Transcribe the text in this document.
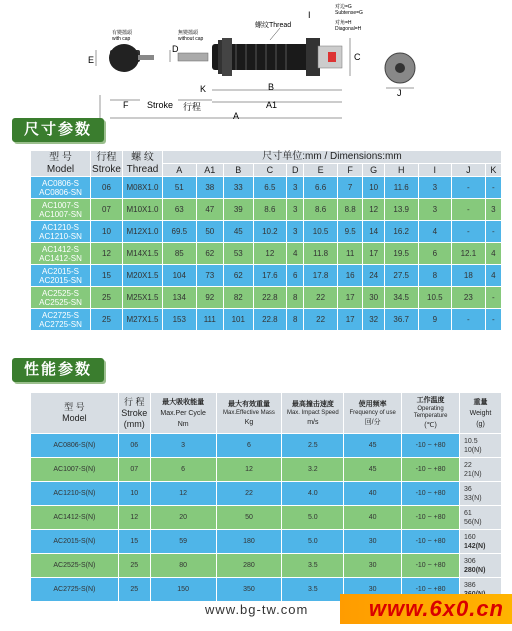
有變擋頭
with cap
無變擋頭
without cap
螺纹Thread
对边=G
Subtense=G
对角=H
Diagonal=H
E
D
I
F Stroke 行程
K	B
A1
A
C
J
尺寸参数
型 号
Model	行程
Stroke	螺 纹
Thread	尺寸单位:mm / Dimensions:mm											
			A	A1	B	C	D	E	F	G	H	I	J	K
AC0806-S
AC0806-SN	06	M08X1.0	51	38	33	6.5	3	6.6	7	10	11.6	3	-	-
AC1007-S
AC1007-SN	07	M10X1.0	63	47	39	8.6	3	8.6	8.8	12	13.9	3	-	3
AC1210-S
AC1210-SN	10	M12X1.0	69.5	50	45	10.2	3	10.5	9.5	14	16.2	4	-	-
AC1412-S
AC1412-SN	12	M14X1.5	85	62	53	12	4	11.8	11	17	19.5	6	12.1	4
AC2015-S
AC2015-SN	15	M20X1.5	104	73	62	17.6	6	17.8	16	24	27.5	8	18	4
AC2525-S
AC2525-SN	25	M25X1.5	134	92	82	22.8	8	22	17	30	34.5	10.5	23	-
AC2725-S
AC2725-SN	25	M27X1.5	153	111	101	22.8	8	22	17	32	36.7	9	-	-
性能参数
型 号
Model	行 程
Stroke
(mm)	最大吸收能量
Max.Per Cycle
Nm	最大有效重量
Max.Effective Mass
Kg	最高撞击速度
Max. Impact Speed
m/s	使用频率
Frequency of use
回/分	工作温度
Operating
Temperature
(℃)	重量
Weight
(g)

AC0806-S(N)	06	3	6	2.5	45	-10 ~ +80	10.5
10(N)
AC1007-S(N)	07	6	12	3.2	45	-10 ~ +80	22
21(N)
AC1210-S(N)	10	12	22	4.0	40	-10 ~ +80	36
33(N)
AC1412-S(N)	12	20	50	5.0	40	-10 ~ +80	61
56(N)
AC2015-S(N)	15	59	180	5.0	30	-10 ~ +80	160
142(N)
AC2525-S(N)	25	80	280	3.5	30	-10 ~ +80	306
280(N)
AC2725-S(N)	25	150	350	3.5	30	-10 ~ +80	386

www.bg-tw.com	www.6x0.cn
